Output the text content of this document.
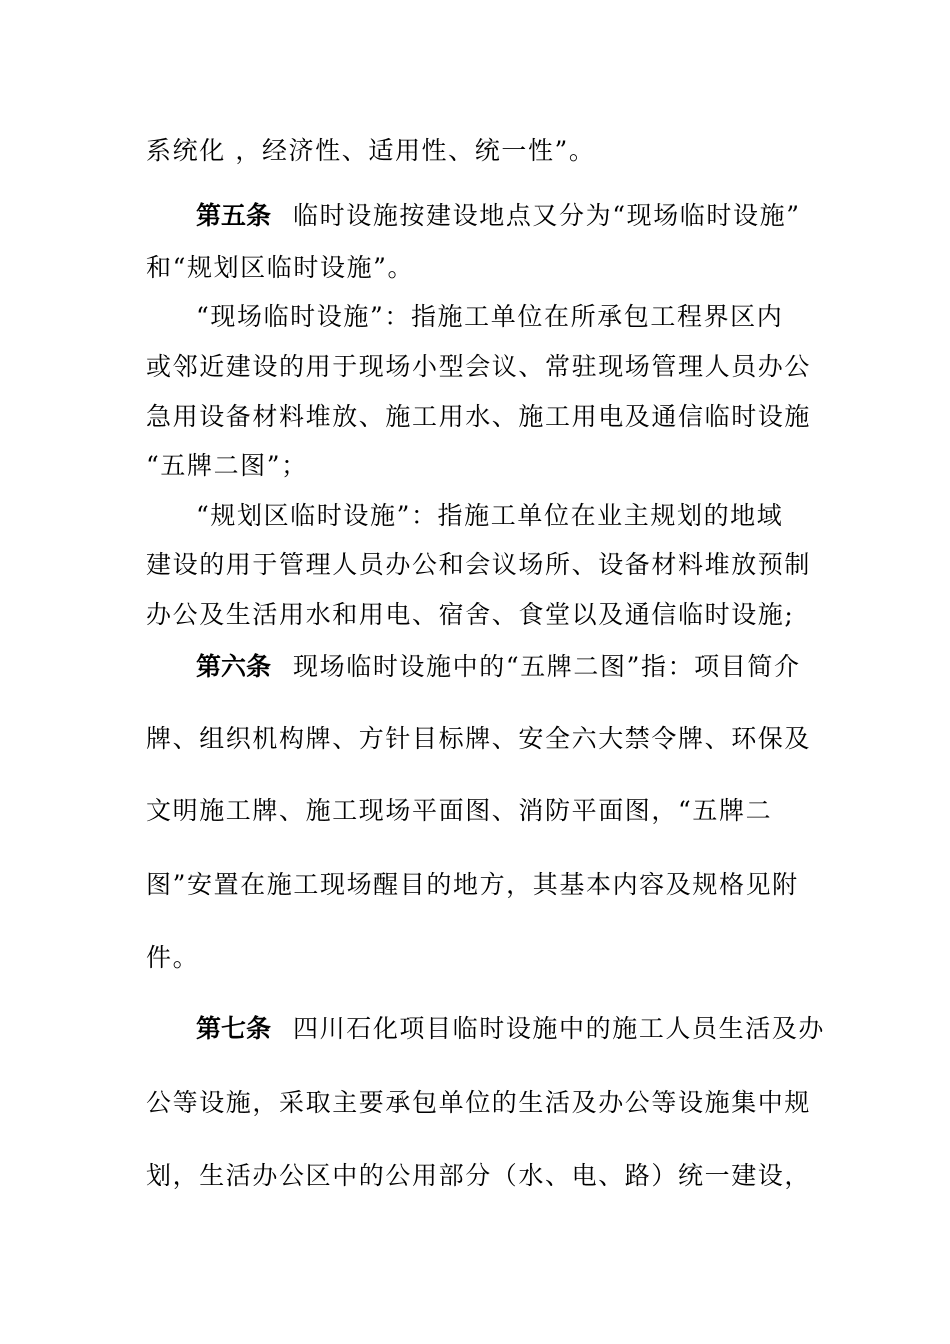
系统化 ，经济性、适用性、统一性”。
第五条 临时设施按建设地点又分为“现场临时设施”
和“规划区临时设施”。
“现场临时设施”：指施工单位在所承包工程界区内
或邻近建设的用于现场小型会议、常驻现场管理人员办公
急用设备材料堆放、施工用水、施工用电及通信临时设施
“五牌二图”；
“规划区临时设施”：指施工单位在业主规划的地域
建设的用于管理人员办公和会议场所、设备材料堆放预制
办公及生活用水和用电、宿舍、食堂以及通信临时设施;
第六条 现场临时设施中的“五牌二图”指：项目简介
牌、组织机构牌、方针目标牌、安全六大禁令牌、环保及
文明施工牌、施工现场平面图、消防平面图，“五牌二
图”安置在施工现场醒目的地方，其基本内容及规格见附
件。
第七条 四川石化项目临时设施中的施工人员生活及办
公等设施，采取主要承包单位的生活及办公等设施集中规
划，生活办公区中的公用部分（水、电、路）统一建设，
